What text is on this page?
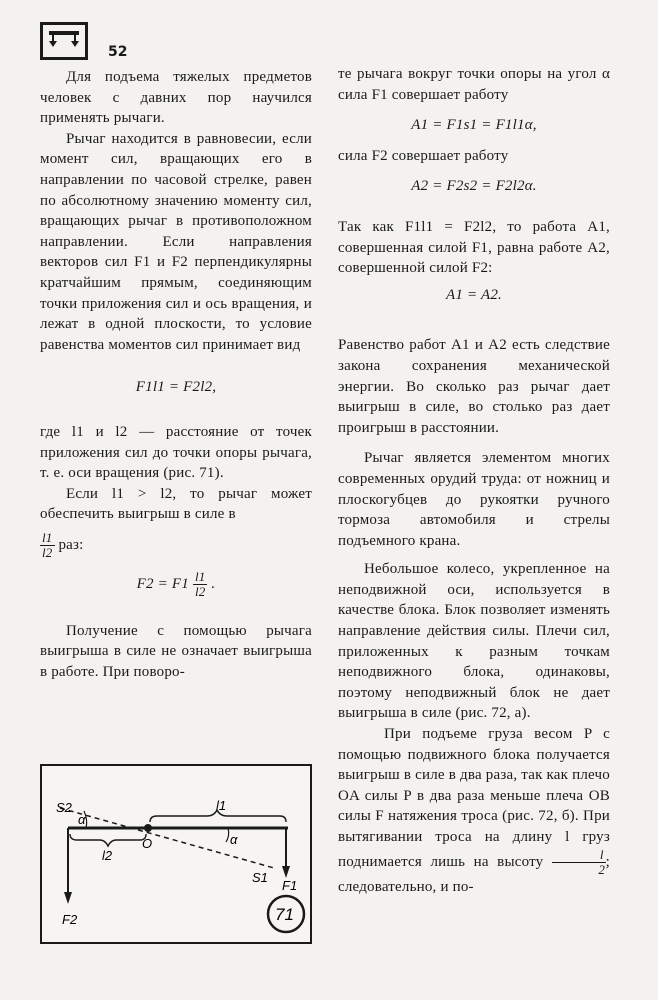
52

Для подъема тяжелых предметов человек с давних пор научился применять рычаги.

Рычаг находится в равновесии, если момент сил, вращающих его в направлении по часовой стрелке, равен по абсолютному значению моменту сил, вращающих рычаг в противоположном направлении. Если направления векторов сил F1 и F2 перпендикулярны кратчайшим прямым, соединяющим точки приложения сил и ось вращения, и лежат в одной плоскости, то условие равенства моментов сил принимает вид

F1l1 = F2l2,

где l1 и l2 — расстояние от точек приложения сил до точки опоры рычага, т. е. оси вращения (рис. 71).

Если l1 > l2, то рычаг может обеспечить выигрыш в силе в

$\frac{l1}{l2}$ раз:
$F2 = F1 \frac{l1}{l2}$ .

Получение с помощью рычага выигрыша в силе не означает выигрыша в работе. При поворо-

те рычага вокруг точки опоры на угол α сила F1 совершает работу

A1 = F1s1 = F1l1α,

сила F2 совершает работу

A2 = F2s2 = F2l2α.

Так как F1l1 = F2l2, то работа A1, совершенная силой F1, равна работе A2, совершенной силой F2:

A1 = A2.

Равенство работ A1 и A2 есть следствие закона сохранения механической энергии. Во сколько раз рычаг дает выигрыш в силе, во столько раз дает проигрыш в расстоянии.

Рычаг является элементом многих современных орудий труда: от ножниц и плоскогубцев до рукоятки ручного тормоза автомобиля и стрелы подъемного крана.

Небольшое колесо, укрепленное на неподвижной оси, используется в качестве блока. Блок позволяет изменять направление действия силы. Плечи сил, приложенных к разным точкам неподвижного блока, одинаковы, поэтому неподвижный блок не дает выигрыша в силе (рис. 72, а).

При подъеме груза весом P с помощью подвижного блока получается выигрыш в силе в два раза, так как плечо OA силы P в два раза меньше плеча OB силы F натяжения троса (рис. 72, б). При вытягивании троса на длину l груз поднимается лишь на высоту $\frac{l}{2}$ ; следовательно, и по-

S2
α
l1
l2
O	α
S1
F1
F2	71
